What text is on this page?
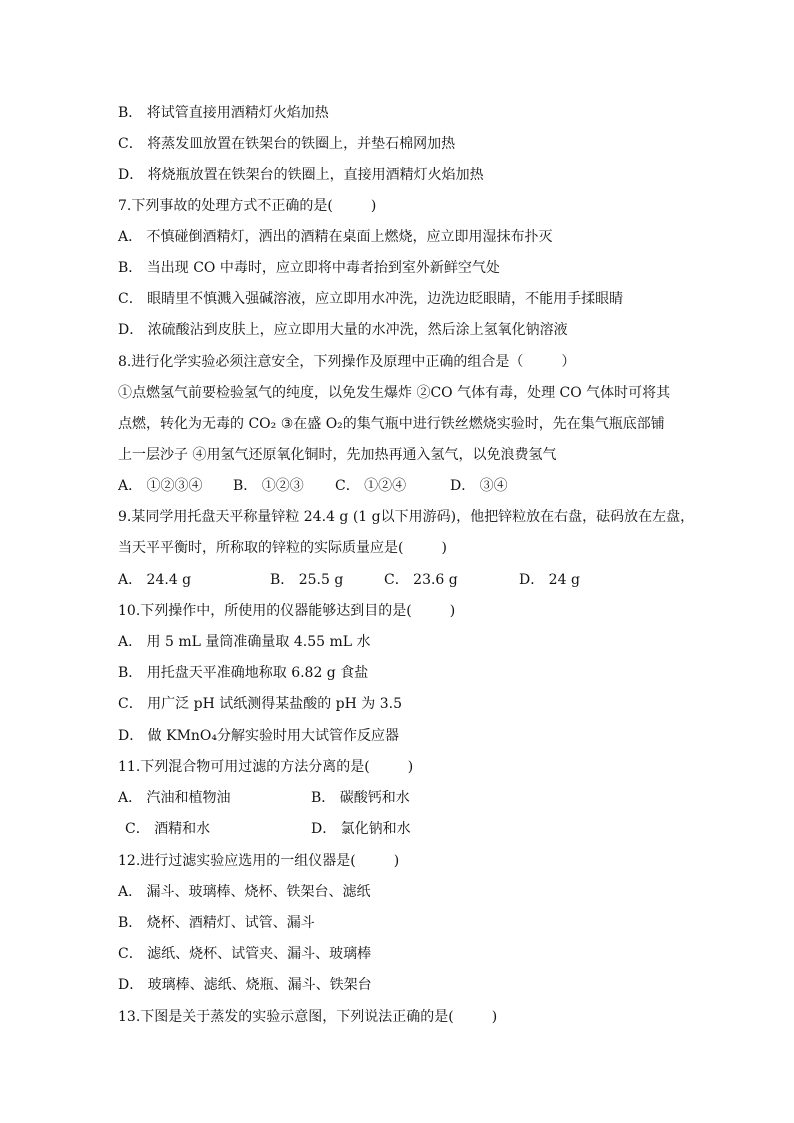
B． 将试管直接用酒精灯火焰加热
C． 将蒸发皿放置在铁架台的铁圈上，并垫石棉网加热
D． 将烧瓶放置在铁架台的铁圈上，直接用酒精灯火焰加热
7.下列事故的处理方式不正确的是(	)
A． 不慎碰倒酒精灯，洒出的酒精在桌面上燃烧，应立即用湿抹布扑灭
B． 当出现 CO 中毒时，应立即将中毒者抬到室外新鲜空气处
C． 眼睛里不慎溅入强碱溶液，应立即用水冲洗，边洗边眨眼睛，不能用手揉眼睛
D． 浓硫酸沾到皮肤上，应立即用大量的水冲洗，然后涂上氢氧化钠溶液
8.进行化学实验必须注意安全，下列操作及原理中正确的组合是（	）
①点燃氢气前要检验氢气的纯度，以免发生爆炸 ②CO 气体有毒，处理 CO 气体时可将其
点燃，转化为无毒的 CO₂ ③在盛 O₂的集气瓶中进行铁丝燃烧实验时，先在集气瓶底部铺
上一层沙子 ④用氢气还原氧化铜时，先加热再通入氢气，以免浪费氢气
A． ①②③④ B． ①②③ C． ①②④	D． ③④
9.某同学用托盘天平称量锌粒 24.4 g (1 g以下用游码)，他把锌粒放在右盘，砝码放在左盘，
当天平平衡时，所称取的锌粒的实际质量应是(	)
A． 24.4 g	B． 25.5 g	C． 23.6 g	D． 24 g
10.下列操作中，所使用的仪器能够达到目的是(	)
A． 用 5 mL 量筒准确量取 4.55 mL 水
B． 用托盘天平准确地称取 6.82 g 食盐
C． 用广泛 pH 试纸测得某盐酸的 pH 为 3.5
D． 做 KMnO₄分解实验时用大试管作反应器
11.下列混合物可用过滤的方法分离的是(	)
A． 汽油和植物油	B． 碳酸钙和水
C． 酒精和水	D． 氯化钠和水
12.进行过滤实验应选用的一组仪器是(	)
A． 漏斗、玻璃棒、烧杯、铁架台、滤纸
B． 烧杯、酒精灯、试管、漏斗
C． 滤纸、烧杯、试管夹、漏斗、玻璃棒
D． 玻璃棒、滤纸、烧瓶、漏斗、铁架台
13.下图是关于蒸发的实验示意图，下列说法正确的是(	)
